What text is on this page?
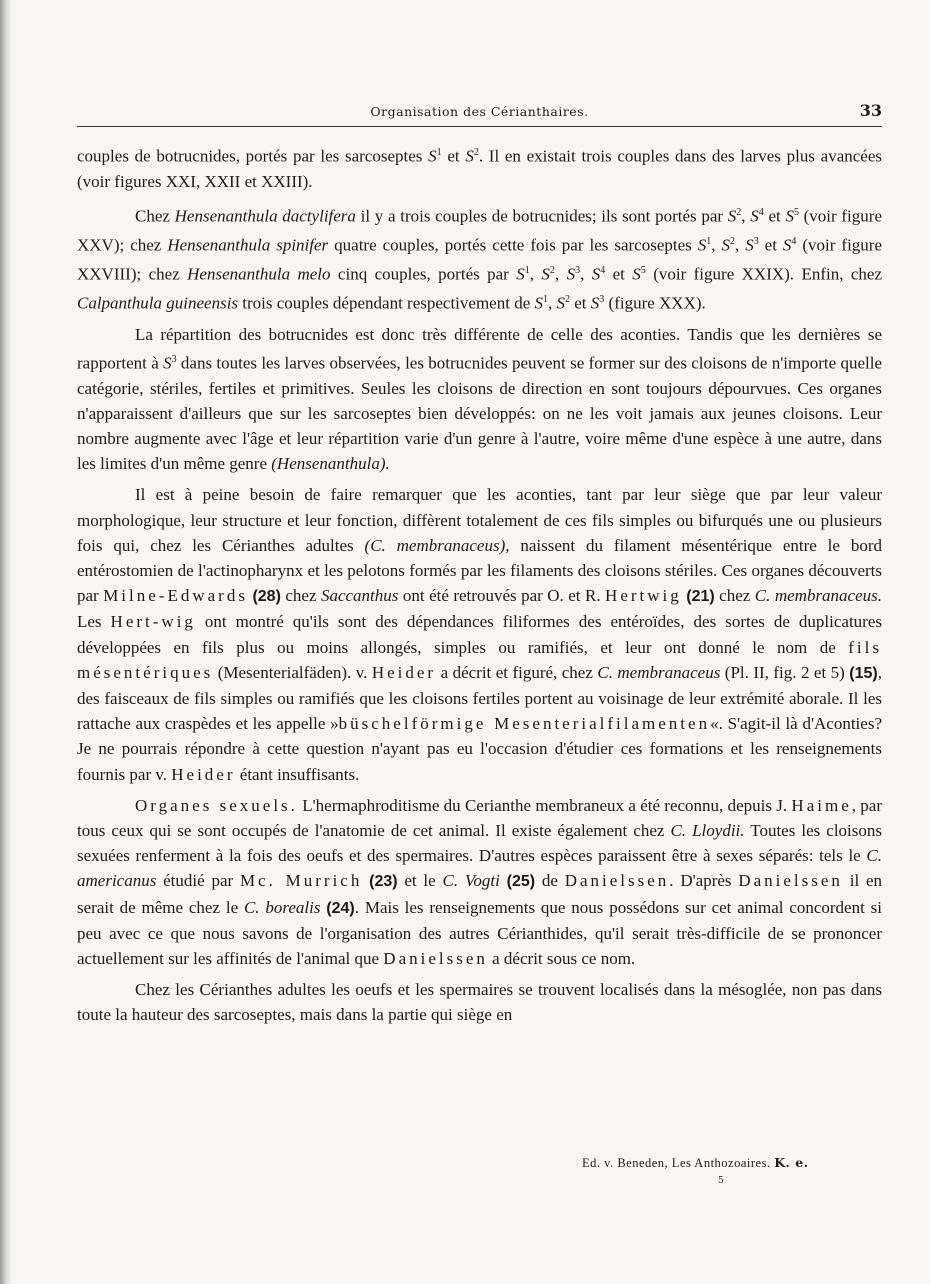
Organisation des Cérianthaires.	33

couples de botrucnides, portés par les sarcoseptes $S^1$ et $S^2$. Il en existait trois couples dans des larves plus avancées (voir figures XXI, XXII et XXIII).

Chez Hensenanthula dactylifera il y a trois couples de botrucnides; ils sont portés par $S^2$, $S^4$ et $S^5$ (voir figure XXV); chez Hensenanthula spinifer quatre couples, portés cette fois par les sarcoseptes $S^1$, $S^2$, $S^3$ et $S^4$ (voir figure XXVIII); chez Hensenanthula melo cinq couples, portés par $S^1$, $S^2$, $S^3$, $S^4$ et $S^5$ (voir figure XXIX). Enfin, chez Calpanthula guineensis trois couples dépendant respectivement de $S^1$, $S^2$ et $S^3$ (figure XXX).

La répartition des botrucnides est donc très différente de celle des aconties. Tandis que les dernières se rapportent à $S^3$ dans toutes les larves observées, les botrucnides peuvent se former sur des cloisons de n'importe quelle catégorie, stériles, fertiles et primitives. Seules les cloisons de direction en sont toujours dépourvues. Ces organes n'apparaissent d'ailleurs que sur les sarcoseptes bien développés: on ne les voit jamais aux jeunes cloisons. Leur nombre augmente avec l'âge et leur répartition varie d'un genre à l'autre, voire même d'une espèce à une autre, dans les limites d'un même genre (Hensenanthula).

Il est à peine besoin de faire remarquer que les aconties, tant par leur siège que par leur valeur morphologique, leur structure et leur fonction, diffèrent totalement de ces fils simples ou bifurqués une ou plusieurs fois qui, chez les Cérianthes adultes (C. membranaceus), naissent du filament mésentérique entre le bord entérostomien de l'actinopharynx et les pelotons formés par les filaments des cloisons stériles. Ces organes découverts par Milne-Edwards (28) chez Saccanthus ont été retrouvés par O. et R. Hertwig (21) chez C. membranaceus. Les Hert-wig ont montré qu'ils sont des dépendances filiformes des entéroïdes, des sortes de duplicatures développées en fils plus ou moins allongés, simples ou ramifiés, et leur ont donné le nom de fils mésentériques (Mesenterialfäden). v. Heider a décrit et figuré, chez C. membranaceus (Pl. II, fig. 2 et 5) (15), des faisceaux de fils simples ou ramifiés que les cloisons fertiles portent au voisinage de leur extrémité aborale. Il les rattache aux craspèdes et les appelle »büschelförmige Mesenterialfilamenten«. S'agit-il là d'Aconties? Je ne pourrais répondre à cette question n'ayant pas eu l'occasion d'étudier ces formations et les renseignements fournis par v. Heider étant insuffisants.

Organes sexuels. L'hermaphroditisme du Cerianthe membraneux a été reconnu, depuis J. Haime, par tous ceux qui se sont occupés de l'anatomie de cet animal. Il existe également chez C. Lloydii. Toutes les cloisons sexuées renferment à la fois des oeufs et des spermaires. D'autres espèces paraissent être à sexes séparés: tels le C. americanus étudié par Mc. Murrich (23) et le C. Vogti (25) de Danielssen. D'après Danielssen il en serait de même chez le C. borealis (24). Mais les renseignements que nous possédons sur cet animal concordent si peu avec ce que nous savons de l'organisation des autres Cérianthides, qu'il serait très-difficile de se prononcer actuellement sur les affinités de l'animal que Danielssen a décrit sous ce nom.

Chez les Cérianthes adultes les oeufs et les spermaires se trouvent localisés dans la mésoglée, non pas dans toute la hauteur des sarcoseptes, mais dans la partie qui siège en

Ed. v. Beneden, Les Anthozoaires. K. e.
5
